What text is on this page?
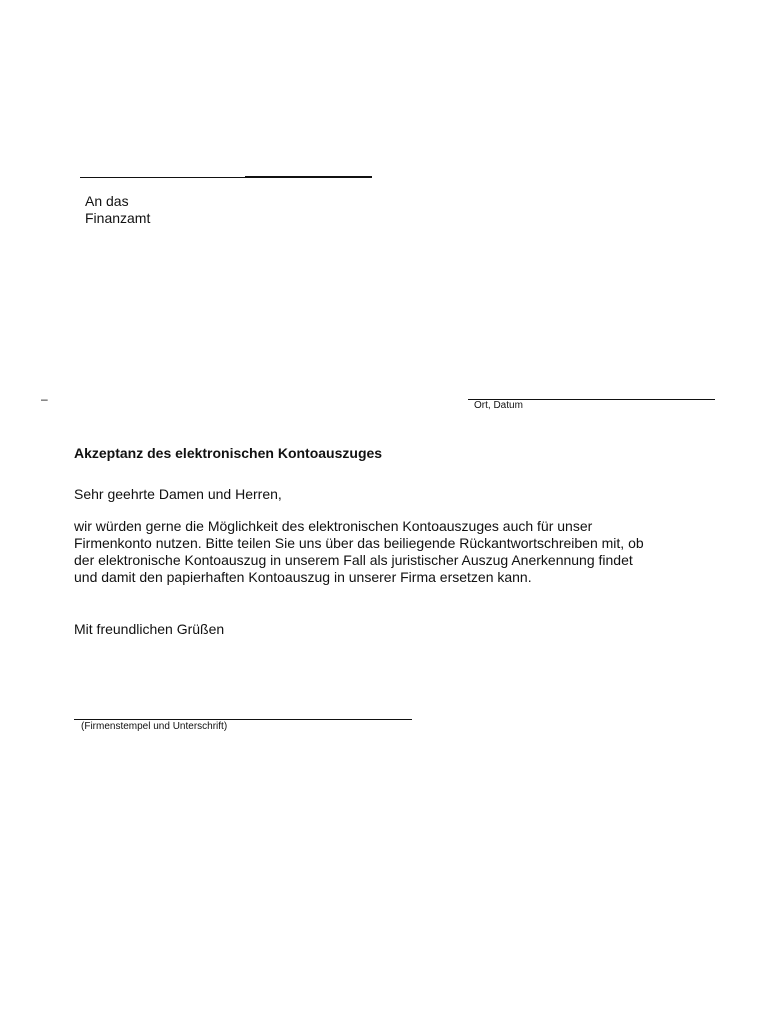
An das
Finanzamt
–	Ort, Datum
Akzeptanz des elektronischen Kontoauszuges
Sehr geehrte Damen und Herren,
wir würden gerne die Möglichkeit des elektronischen Kontoauszuges auch für unser
Firmenkonto nutzen. Bitte teilen Sie uns über das beiliegende Rückantwortschreiben mit, ob
der elektronische Kontoauszug in unserem Fall als juristischer Auszug Anerkennung findet
und damit den papierhaften Kontoauszug in unserer Firma ersetzen kann.
Mit freundlichen Grüßen
(Firmenstempel und Unterschrift)
